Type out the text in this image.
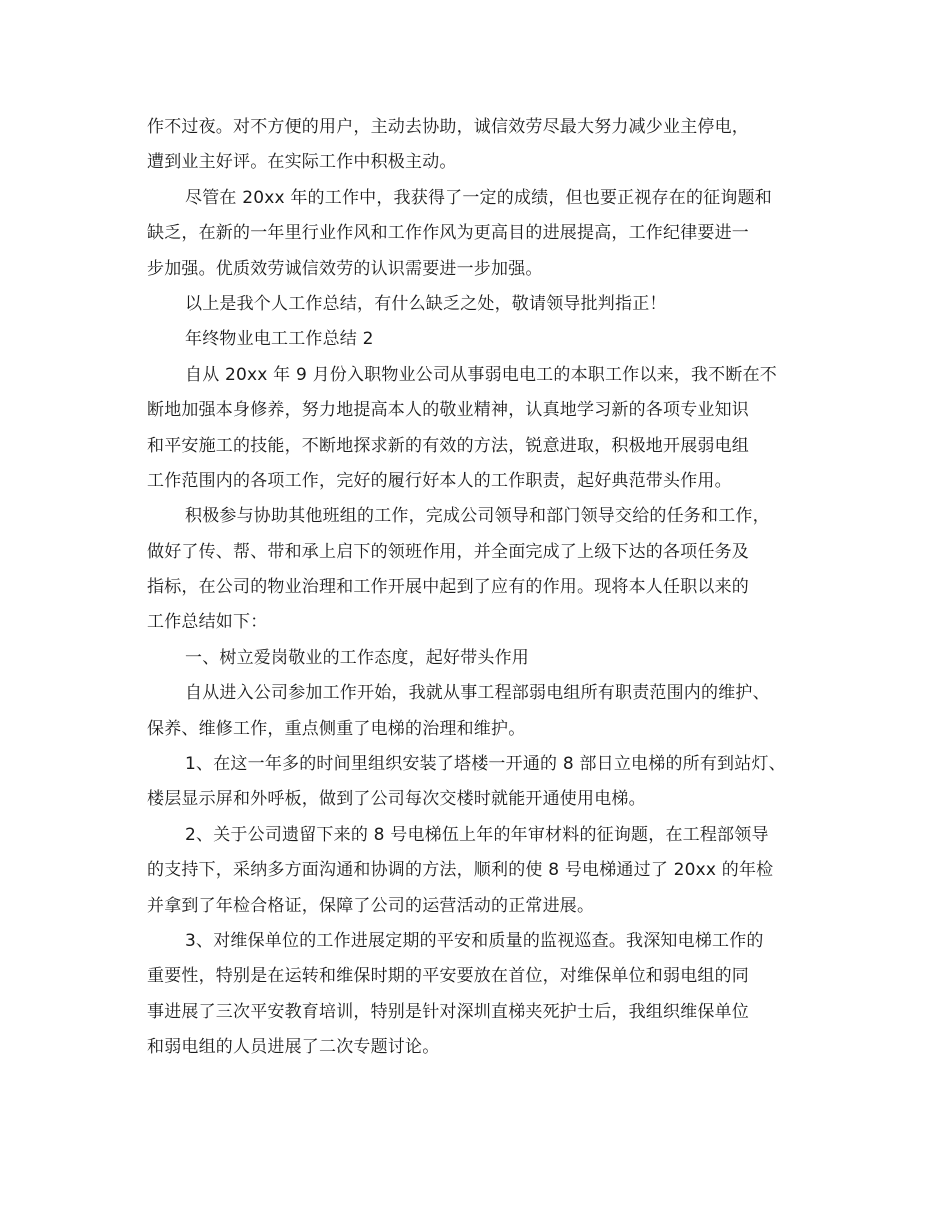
作不过夜。对不方便的用户，主动去协助，诚信效劳尽最大努力减少业主停电，
遭到业主好评。在实际工作中积极主动。
尽管在 20xx 年的工作中，我获得了一定的成绩，但也要正视存在的征询题和
缺乏，在新的一年里行业作风和工作作风为更高目的进展提高，工作纪律要进一
步加强。优质效劳诚信效劳的认识需要进一步加强。
以上是我个人工作总结，有什么缺乏之处，敬请领导批判指正！
年终物业电工工作总结 2
自从 20xx 年 9 月份入职物业公司从事弱电电工的本职工作以来，我不断在不
断地加强本身修养，努力地提高本人的敬业精神，认真地学习新的各项专业知识
和平安施工的技能，不断地探求新的有效的方法，锐意进取，积极地开展弱电组
工作范围内的各项工作，完好的履行好本人的工作职责，起好典范带头作用。
积极参与协助其他班组的工作，完成公司领导和部门领导交给的任务和工作，
做好了传、帮、带和承上启下的领班作用，并全面完成了上级下达的各项任务及
指标，在公司的物业治理和工作开展中起到了应有的作用。现将本人任职以来的
工作总结如下：
一、树立爱岗敬业的工作态度，起好带头作用
自从进入公司参加工作开始，我就从事工程部弱电组所有职责范围内的维护、
保养、维修工作，重点侧重了电梯的治理和维护。
1、在这一年多的时间里组织安装了塔楼一开通的 8 部日立电梯的所有到站灯、
楼层显示屏和外呼板，做到了公司每次交楼时就能开通使用电梯。
2、关于公司遗留下来的 8 号电梯伍上年的年审材料的征询题，在工程部领导
的支持下，采纳多方面沟通和协调的方法，顺利的使 8 号电梯通过了 20xx 的年检
并拿到了年检合格证，保障了公司的运营活动的正常进展。
3、对维保单位的工作进展定期的平安和质量的监视巡查。我深知电梯工作的
重要性，特别是在运转和维保时期的平安要放在首位，对维保单位和弱电组的同
事进展了三次平安教育培训，特别是针对深圳直梯夹死护士后，我组织维保单位
和弱电组的人员进展了二次专题讨论。
